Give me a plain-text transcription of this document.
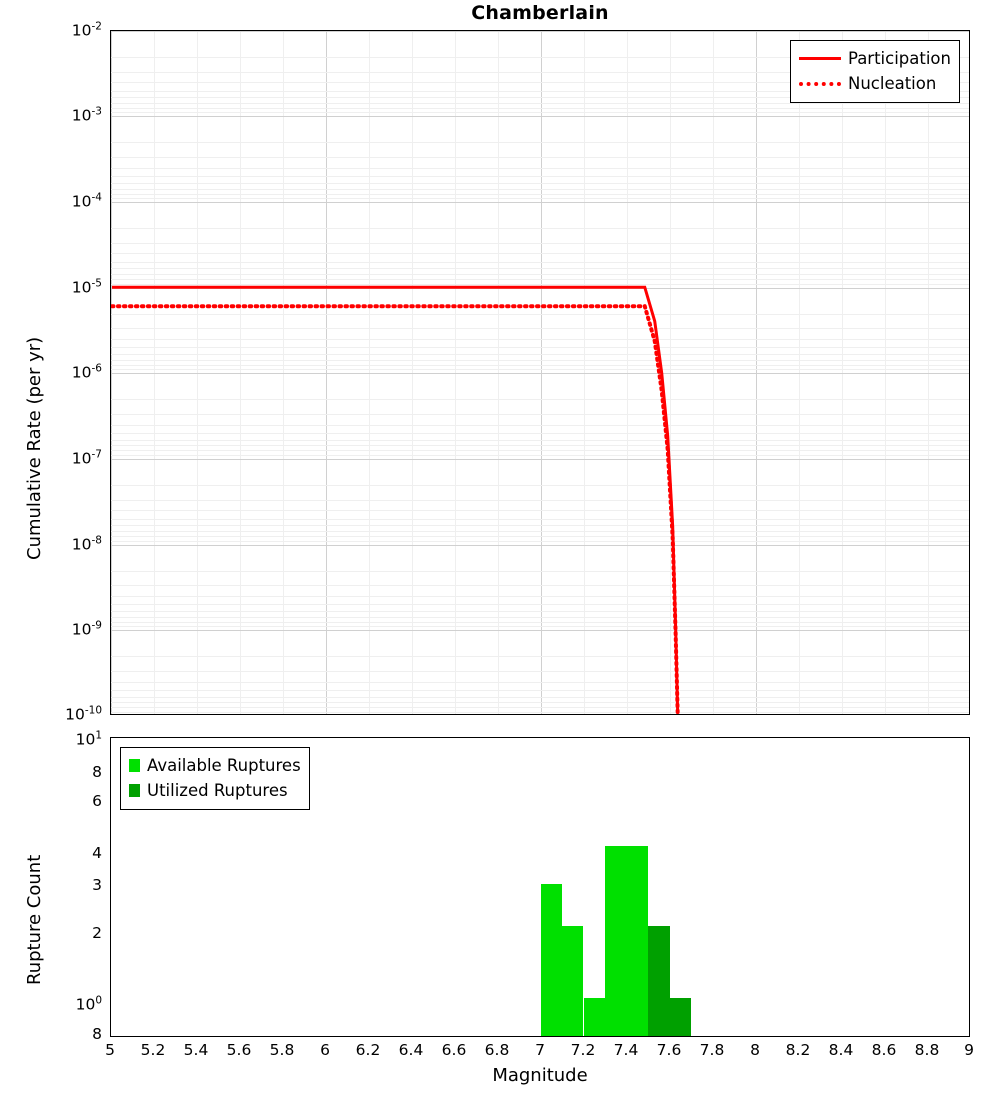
Chamberlain
Participation
Nucleation
$10^{-2}$
$10^{-3}$
$10^{-4}$
$10^{-5}$
$10^{-6}$
$10^{-7}$
$10^{-8}$
$10^{-9}$
$10^{-10}$
Cumulative Rate (per yr)
Available Ruptures
Utilized Ruptures
$10^1$
8
6
4
3
2
$10^0$
8
Rupture Count
5 5.2 5.4 5.6 5.8 6 6.2 6.4 6.6 6.8 7 7.2 7.4 7.6 7.8 8 8.2 8.4 8.6 8.8 9
Magnitude
